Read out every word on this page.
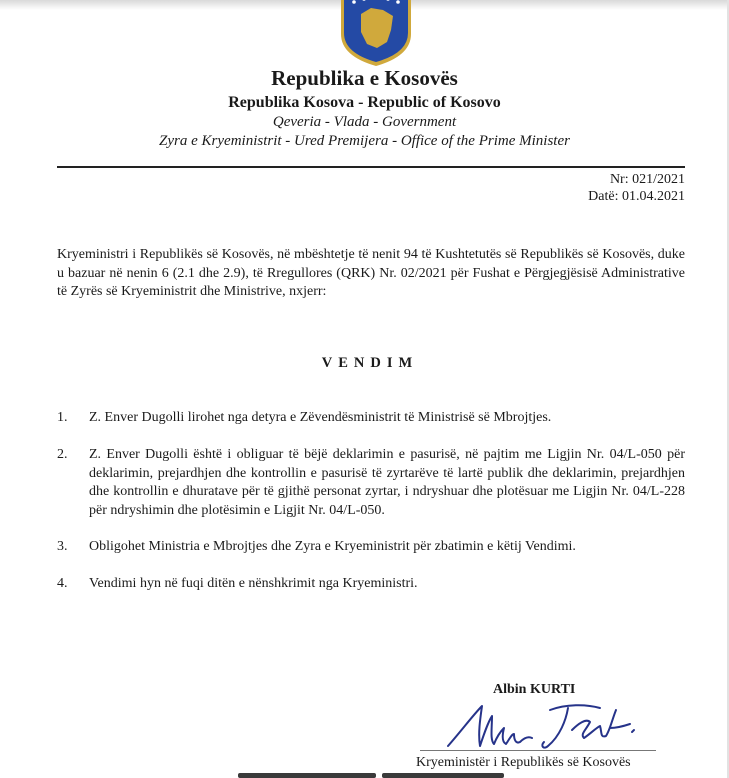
Republika e Kosovës
Republika Kosova - Republic of Kosovo
Qeveria - Vlada - Government
Zyra e Kryeministrit - Ured Premijera - Office of the Prime Minister
Nr: 021/2021
Datë: 01.04.2021

Kryeministri i Republikës së Kosovës, në mbështetje të nenit 94 të Kushtetutës së Republikës së Kosovës, duke u bazuar në nenin 6 (2.1 dhe 2.9), të Rregullores (QRK) Nr. 02/2021 për Fushat e Përgjegjësisë Administrative të Zyrës së Kryeministrit dhe Ministrive, nxjerr:

VENDIM
1. Z. Enver Dugolli lirohet nga detyra e Zëvendësministrit të Ministrisë së Mbrojtjes.

2. Z. Enver Dugolli është i obliguar të bëjë deklarimin e pasurisë, në pajtim me Ligjin Nr. 04/L-050 për deklarimin, prejardhjen dhe kontrollin e pasurisë të zyrtarëve të lartë publik dhe deklarimin, prejardhjen dhe kontrollin e dhuratave për të gjithë personat zyrtar, i ndryshuar dhe plotësuar me Ligjin Nr. 04/L-228 për ndryshimin dhe plotësimin e Ligjit Nr. 04/L-050.

3. Obligohet Ministria e Mbrojtjes dhe Zyra e Kryeministrit për zbatimin e këtij Vendimi.

4. Vendimi hyn në fuqi ditën e nënshkrimit nga Kryeministri.

Albin KURTI
Kryeministër i Republikës së Kosovës
